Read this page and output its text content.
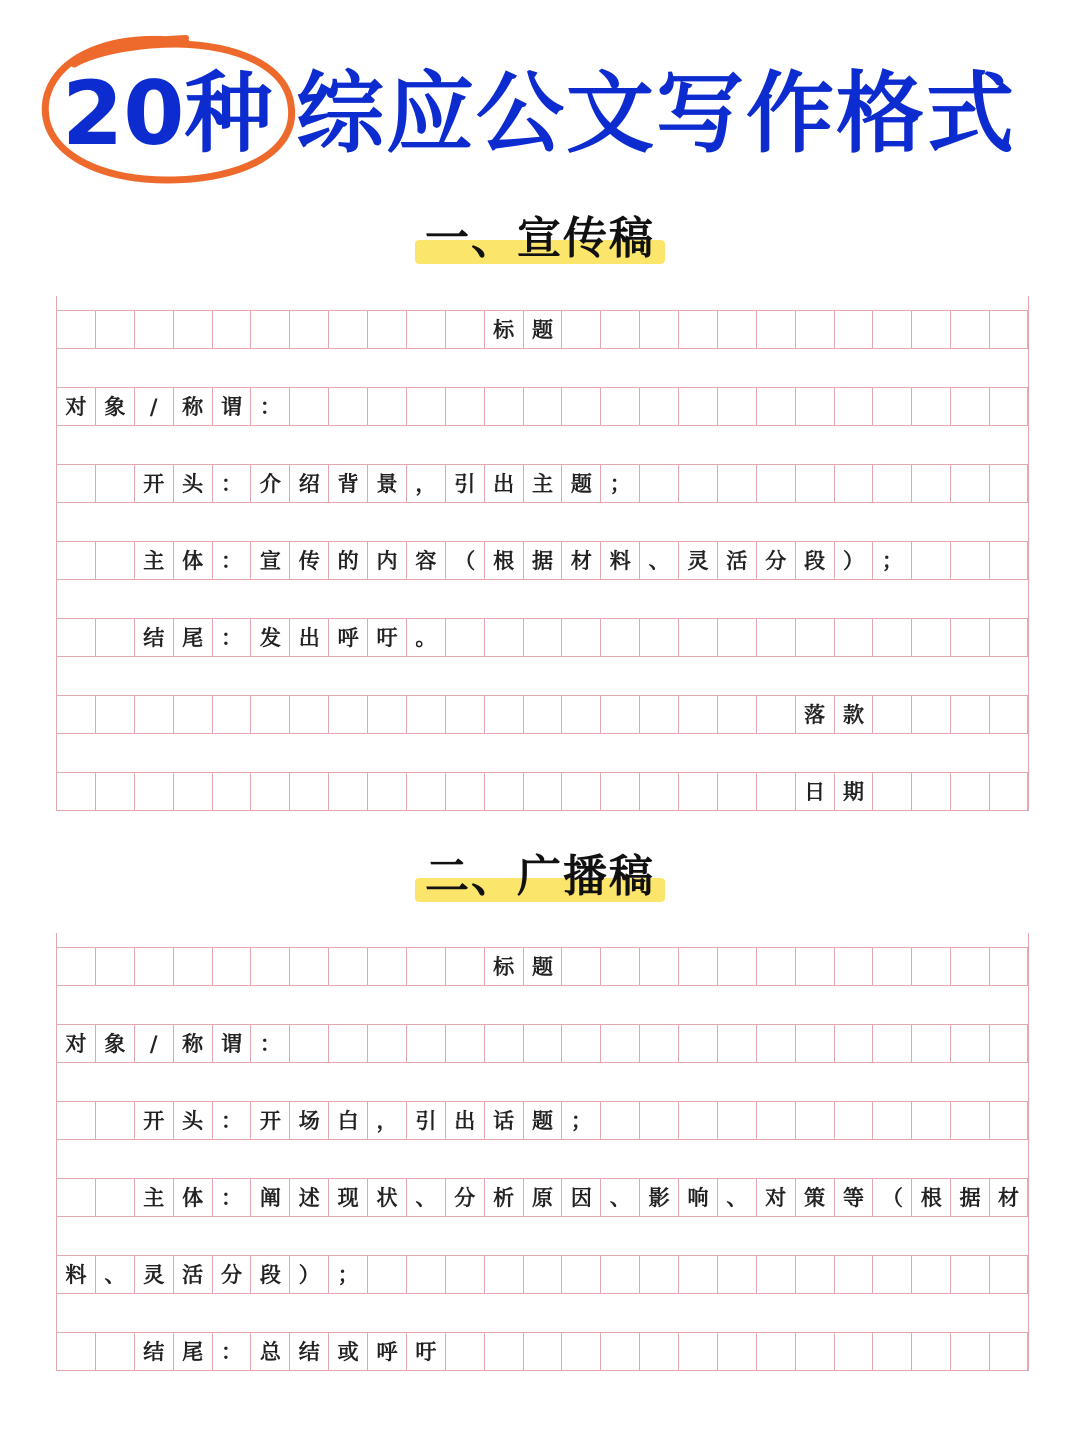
20种 综应公文写作格式
一、宣传稿
标 题
对 象	/	称 谓 ：
开 头 ： 介 绍 背 景 ， 引 出 主 题 ；
主 体 ： 宣 传 的 内 容 （ 根 据 材 料 、 灵 活 分 段 ） ；
结 尾 ： 发 出 呼 吁 。
落 款
日 期
二、广播稿
标 题
对 象	/	称 谓 ：
开 头 ： 开 场 白 ， 引 出 话 题 ；
主 体 ： 阐 述 现 状 、 分 析 原 因 、 影 响 、 对 策 等 （ 根 据 材
料 、 灵 活 分 段 ） ；
结 尾 ： 总 结 或 呼 吁
